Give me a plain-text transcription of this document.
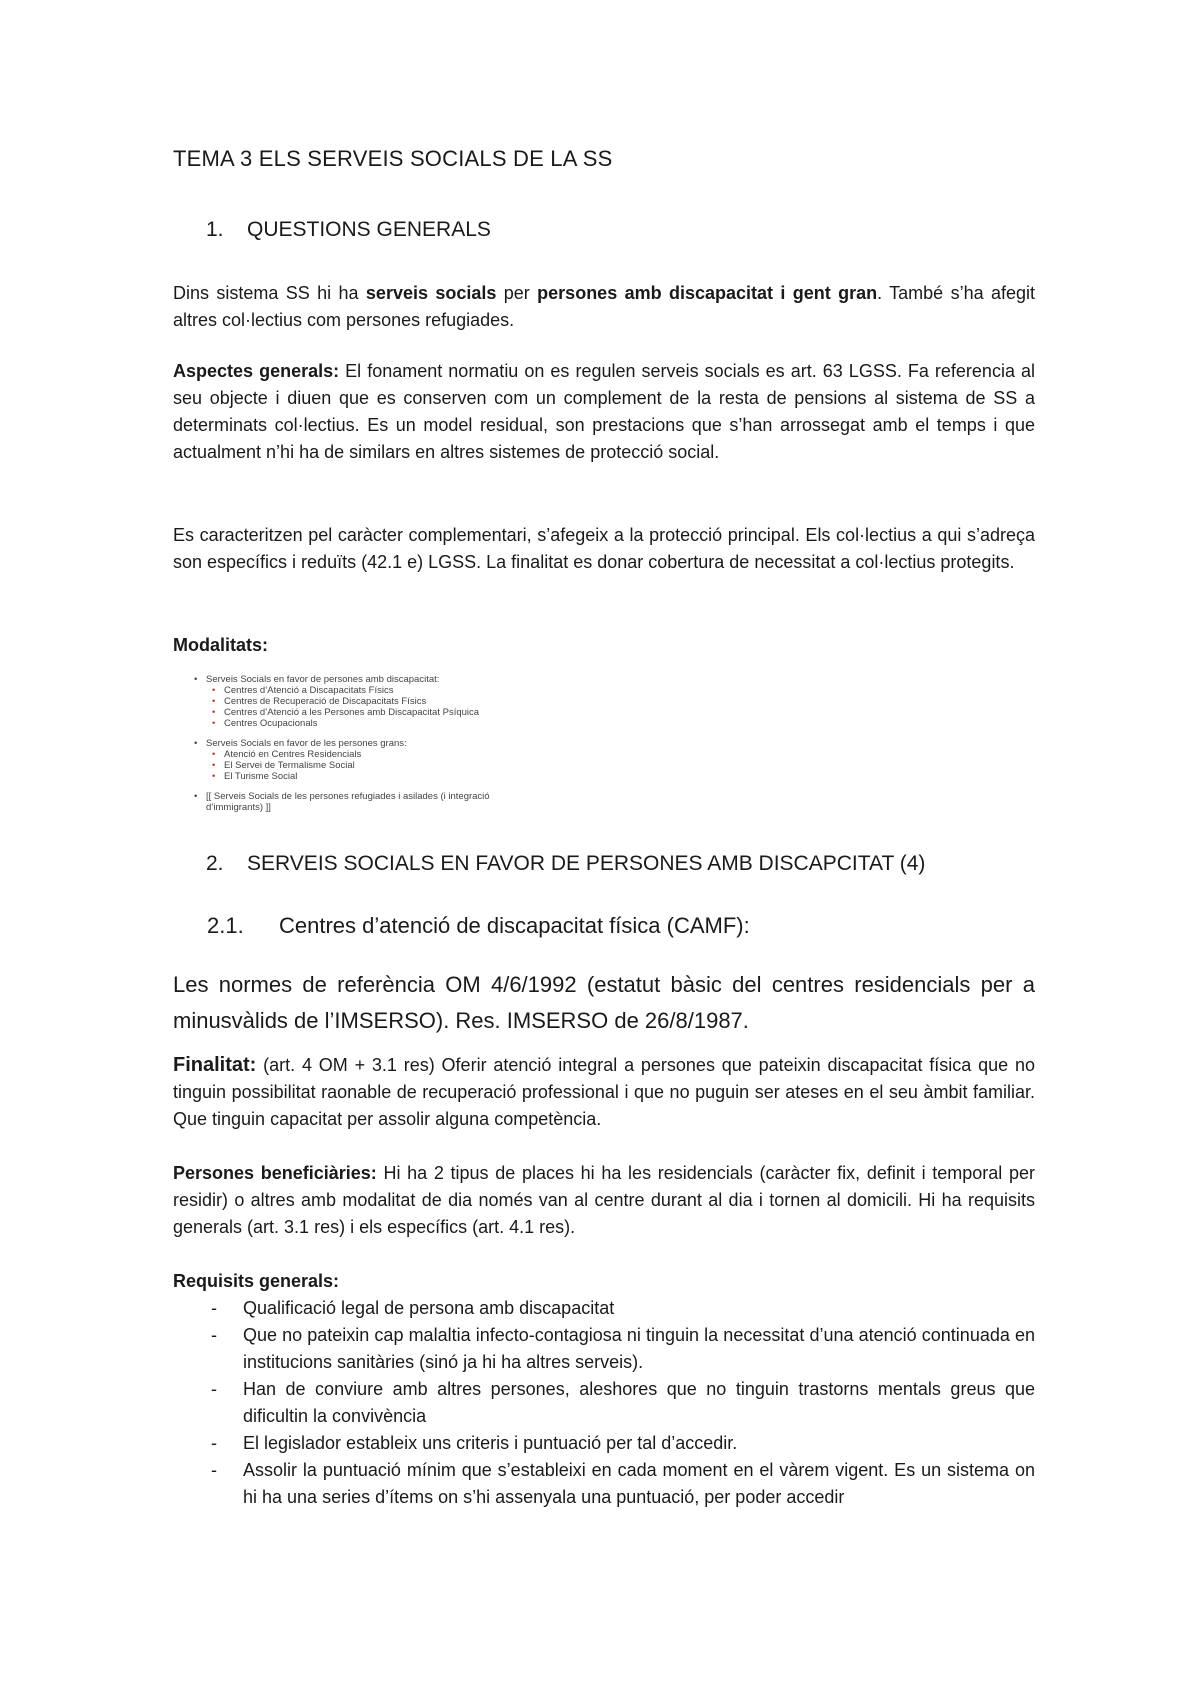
TEMA 3 ELS SERVEIS SOCIALS DE LA SS
1. QUESTIONS GENERALS
Dins sistema SS hi ha serveis socials per persones amb discapacitat i gent gran. També s’ha afegit altres col·lectius com persones refugiades.
Aspectes generals: El fonament normatiu on es regulen serveis socials es art. 63 LGSS. Fa referencia al seu objecte i diuen que es conserven com un complement de la resta de pensions al sistema de SS a determinats col·lectius. Es un model residual, son prestacions que s’han arrossegat amb el temps i que actualment n’hi ha de similars en altres sistemes de protecció social.
Es caracteritzen pel caràcter complementari, s’afegeix a la protecció principal. Els col·lectius a qui s’adreça son específics i reduïts (42.1 e) LGSS. La finalitat es donar cobertura de necessitat a col·lectius protegits.
Modalitats:
• Serveis Socials en favor de persones amb discapacitat:
• Centres d’Atenció a Discapacitats Físics
• Centres de Recuperació de Discapacitats Físics
• Centres d’Atenció a les Persones amb Discapacitat Psíquica
• Centres Ocupacionals
• Serveis Socials en favor de les persones grans:
• Atenció en Centres Residencials
• El Servei de Termalisme Social
• El Turisme Social
• [[ Serveis Socials de les persones refugiades i asilades (i integració d’immigrants) ]]
2. SERVEIS SOCIALS EN FAVOR DE PERSONES AMB DISCAPCITAT (4)
2.1. Centres d’atenció de discapacitat física (CAMF):
Les normes de referència OM 4/6/1992 (estatut bàsic del centres residencials per a minusvàlids de l’IMSERSO). Res. IMSERSO de 26/8/1987.
Finalitat: (art. 4 OM + 3.1 res) Oferir atenció integral a persones que pateixin discapacitat física que no tinguin possibilitat raonable de recuperació professional i que no puguin ser ateses en el seu àmbit familiar. Que tinguin capacitat per assolir alguna competència.
Persones beneficiàries: Hi ha 2 tipus de places hi ha les residencials (caràcter fix, definit i temporal per residir) o altres amb modalitat de dia només van al centre durant al dia i tornen al domicili. Hi ha requisits generals (art. 3.1 res) i els específics (art. 4.1 res).
Requisits generals:
- Qualificació legal de persona amb discapacitat
- Que no pateixin cap malaltia infecto-contagiosa ni tinguin la necessitat d’una atenció continuada en institucions sanitàries (sinó ja hi ha altres serveis).
- Han de conviure amb altres persones, aleshores que no tinguin trastorns mentals greus que dificultin la convivència
- El legislador estableix uns criteris i puntuació per tal d’accedir.
- Assolir la puntuació mínim que s’estableixi en cada moment en el vàrem vigent. Es un sistema on hi ha una series d’ítems on s’hi assenyala una puntuació, per poder accedir
